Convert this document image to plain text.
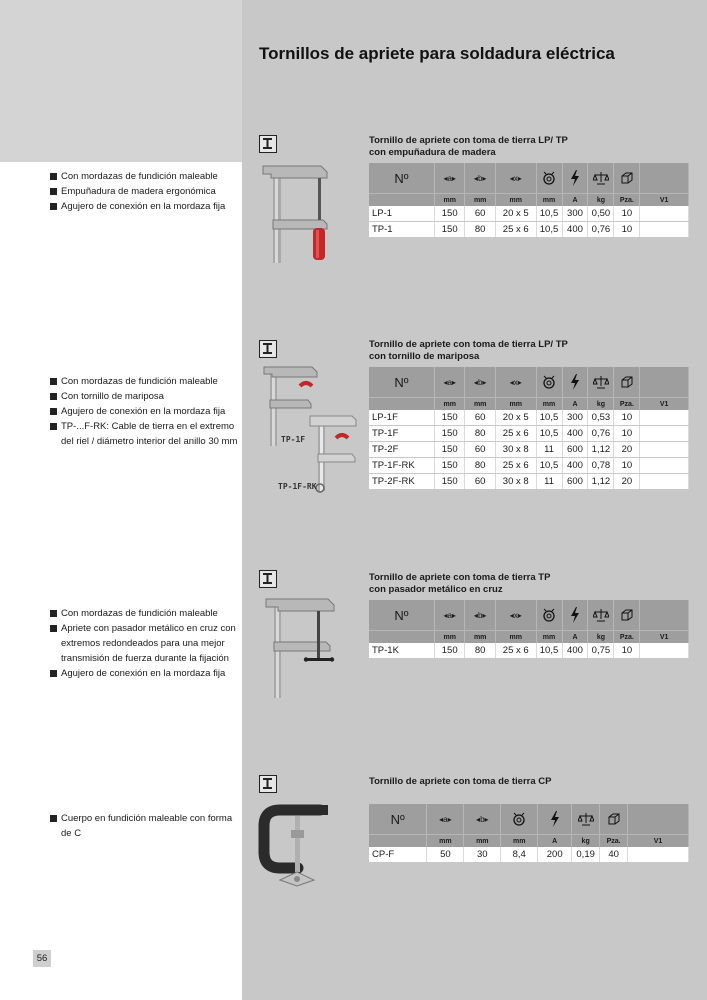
Tornillos de apriete para soldadura eléctrica
Con mordazas de fundición maleable
Empuñadura de madera ergonómica
Agujero de conexión en la mordaza fija
Tornillo de apriete con toma de tierra LP/ TP
con empuñadura de madera
Nº	◂a▸	◂b▸	◂x▸					
	mm	mm	mm	mm	A	kg	Pza.	V1
LP-1	150	60	20 x 5	10,5	300	0,50	10	
TP-1	150	80	25 x 6	10,5	400	0,76	10	
Con mordazas de fundición maleable
Con tornillo de mariposa
Agujero de conexión en la mordaza fija
TP-...F-RK: Cable de tierra en el extremo del riel / diámetro interior del anillo 30 mm	TP-1F
TP-1F-RK
Tornillo de apriete con toma de tierra LP/ TP
con tornillo de mariposa
Nº	◂a▸	◂b▸	◂x▸					
	mm	mm	mm	mm	A	kg	Pza.	V1
LP-1F	150	60	20 x 5	10,5	300	0,53	10	
TP-1F	150	80	25 x 6	10,5	400	0,76	10	
TP-2F	150	60	30 x 8	11	600	1,12	20	
TP-1F-RK	150	80	25 x 6	10,5	400	0,78	10	
TP-2F-RK	150	60	30 x 8	11	600	1,12	20	
Con mordazas de fundición maleable
Apriete con pasador metálico en cruz con extremos redondeados para una mejor transmisión de fuerza durante la fijación
Agujero de conexión en la mordaza fija
Tornillo de apriete con toma de tierra TP
con pasador metálico en cruz
Nº	◂a▸	◂b▸	◂x▸					
	mm	mm	mm	mm	A	kg	Pza.	V1
TP-1K	150	80	25 x 6	10,5	400	0,75	10	
Cuerpo en fundición maleable con forma de C
Tornillo de apriete con toma de tierra CP
Nº	◂a▸	◂b▸					
	mm	mm	mm	A	kg	Pza.	V1
CP-F	50	30	8,4	200	0,19	40	
56
